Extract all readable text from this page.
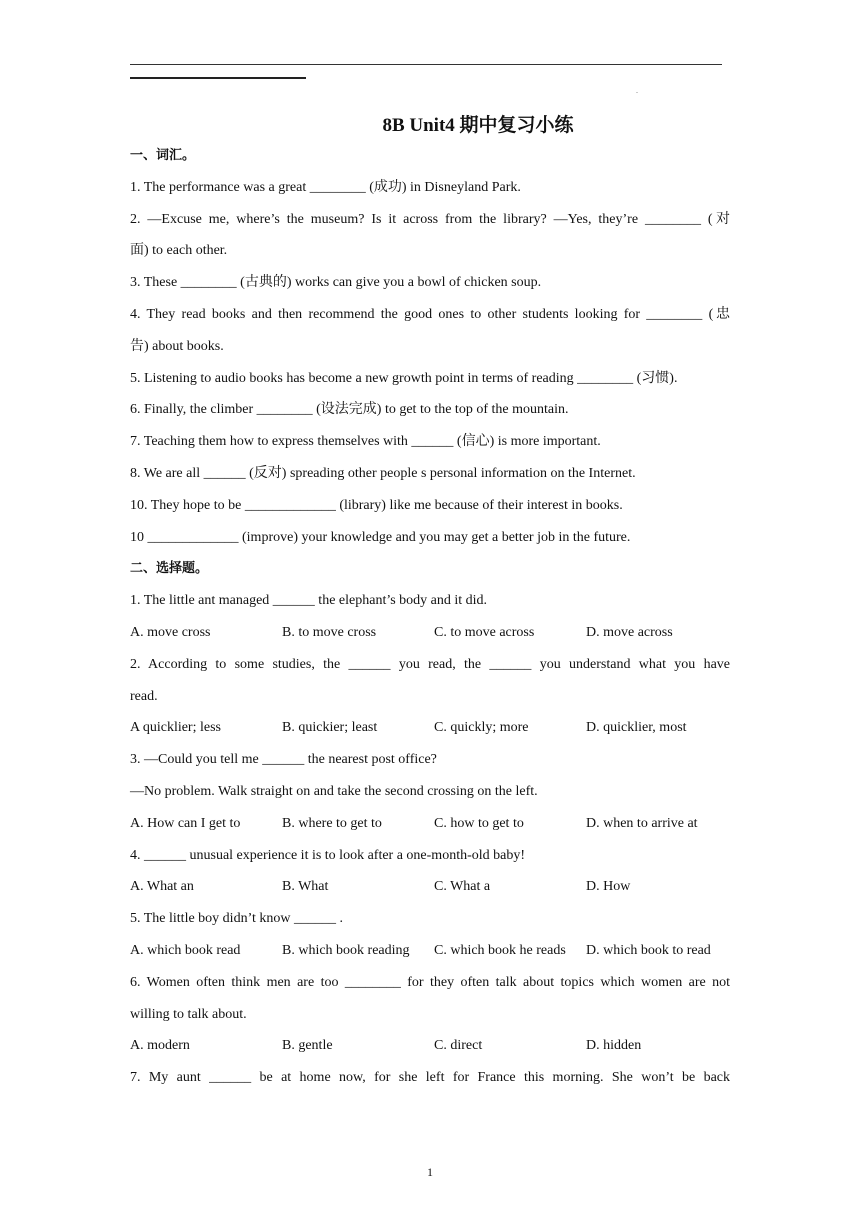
.
8B Unit4 期中复习小练
一、词汇。
1. The performance was a great ________ (成功) in Disneyland Park.
2. ―Excuse me, where’s the museum? Is it across from the library? ―Yes, they’re ________ (对
面) to each other.
3. These ________ (古典的) works can give you a bowl of chicken soup.
4. They read books and then recommend the good ones to other students looking for ________ (忠
告) about books.
5. Listening to audio books has become a new growth point in terms of reading ________ (习惯).
6. Finally, the climber ________ (设法完成) to get to the top of the mountain.
7. Teaching them how to express themselves with ______ (信心) is more important.
8. We are all ______ (反对) spreading other people s personal information on the Internet.
10. They hope to be _____________ (library) like me because of their interest in books.
10 _____________ (improve) your knowledge and you may get a better job in the future.
二、选择题。
1. The little ant managed ______ the elephant’s body and it did.
A. move cross	B. to move cross	C. to move across	D. move across
2. According to some studies, the ______ you read, the ______ you understand what you have
read.
A quicklier; less	B. quickier; least	C. quickly; more	D. quicklier, most
3. ―Could you tell me ______ the nearest post office?
―No problem. Walk straight on and take the second crossing on the left.
A. How can I get to	B. where to get to	C. how to get to	D. when to arrive at
4. ______ unusual experience it is to look after a one-month-old baby!
A. What an	B. What	C. What a	D. How
5. The little boy didn’t know ______ .
A. which book read	B. which book reading	C. which book he reads	D. which book to read
6. Women often think men are too ________ for they often talk about topics which women are not
willing to talk about.
A. modern	B. gentle	C. direct	D. hidden
7. My aunt ______ be at home now, for she left for France this morning. She won’t be back
1
